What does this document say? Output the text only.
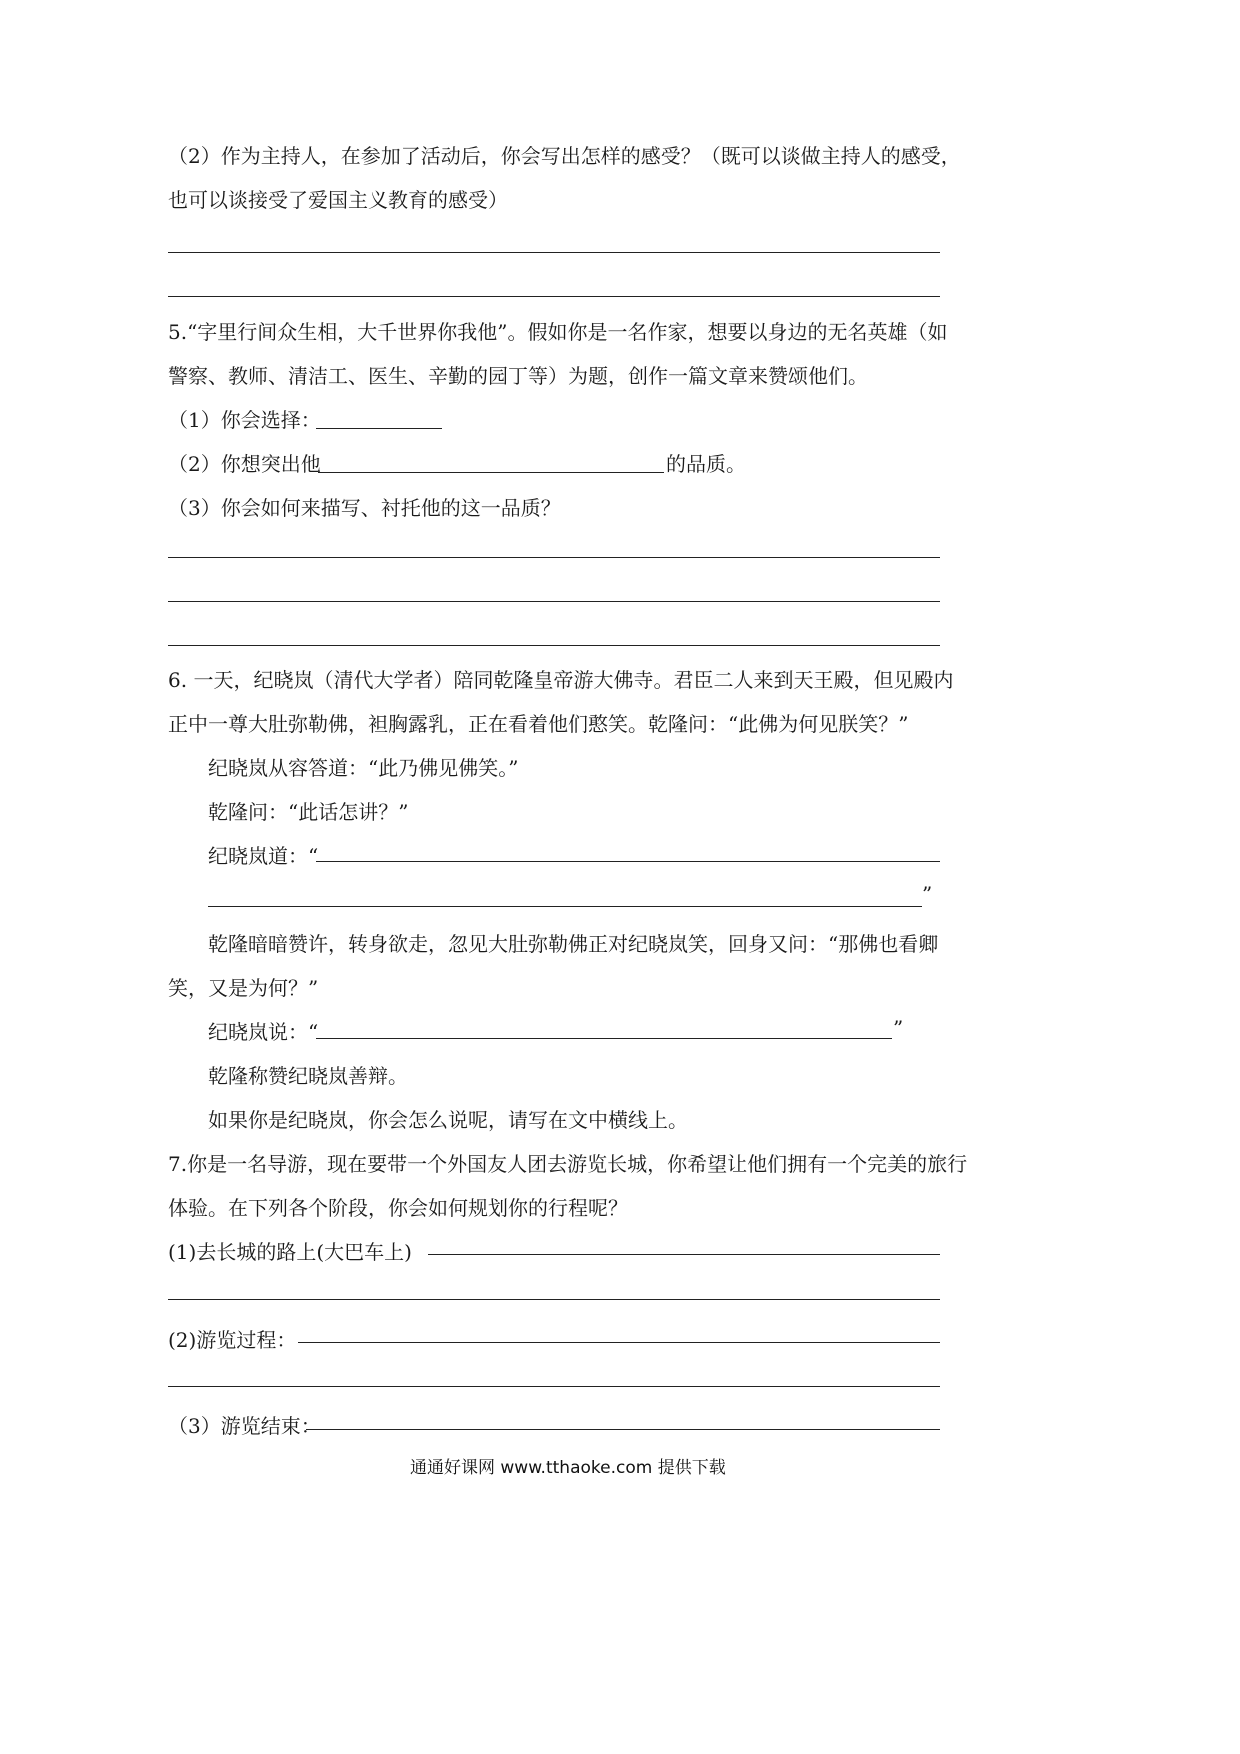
（2）作为主持人，在参加了活动后，你会写出怎样的感受？（既可以谈做主持人的感受，
也可以谈接受了爱国主义教育的感受）
5.“字里行间众生相，大千世界你我他”。假如你是一名作家，想要以身边的无名英雄（如
警察、教师、清洁工、医生、辛勤的园丁等）为题，创作一篇文章来赞颂他们。
（1）你会选择：
（2）你想突出他	的品质。
（3）你会如何来描写、衬托他的这一品质？
6. 一天，纪晓岚（清代大学者）陪同乾隆皇帝游大佛寺。君臣二人来到天王殿，但见殿内
正中一尊大肚弥勒佛，袒胸露乳，正在看着他们憨笑。乾隆问：“此佛为何见朕笑？”
纪晓岚从容答道：“此乃佛见佛笑。”
乾隆问：“此话怎讲？”
纪晓岚道：“
”
乾隆暗暗赞许，转身欲走，忽见大肚弥勒佛正对纪晓岚笑，回身又问：“那佛也看卿
笑，又是为何？”
纪晓岚说：“	”
乾隆称赞纪晓岚善辩。
如果你是纪晓岚，你会怎么说呢，请写在文中横线上。
7.你是一名导游，现在要带一个外国友人团去游览长城，你希望让他们拥有一个完美的旅行
体验。在下列各个阶段，你会如何规划你的行程呢？
(1)去长城的路上(大巴车上)
(2)游览过程：
（3）游览结束：
通通好课网 www.tthaoke.com 提供下载
